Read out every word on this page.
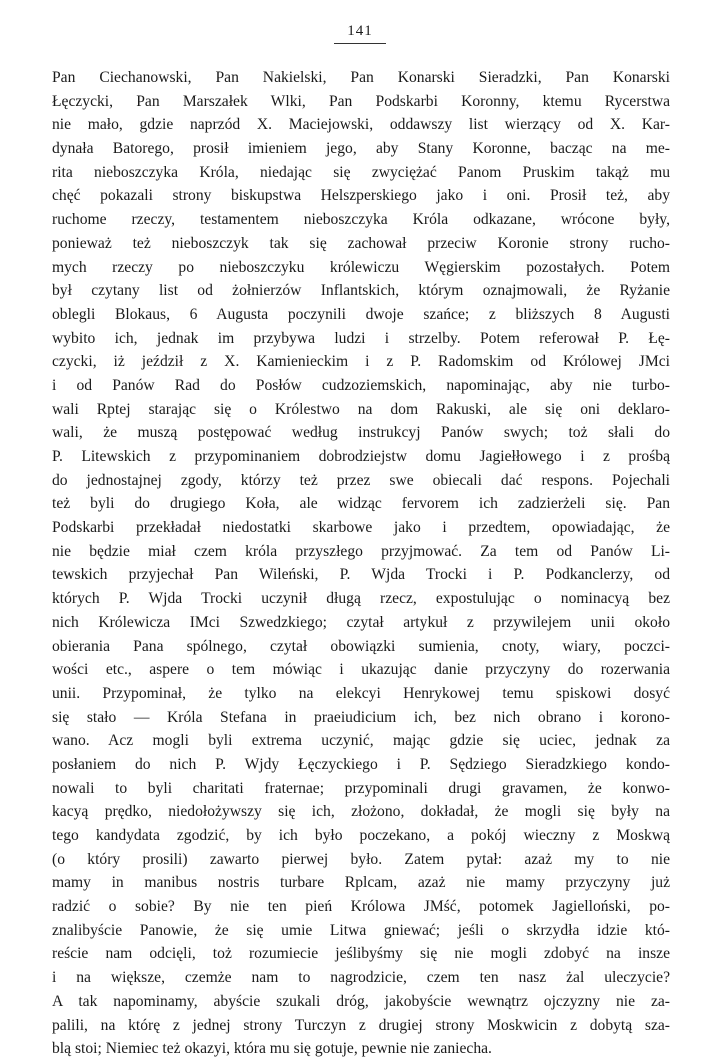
141
Pan Ciechanowski, Pan Nakielski, Pan Konarski Sieradzki, Pan Konarski
Łęczycki, Pan Marszałek Wlki, Pan Podskarbi Koronny, ktemu Rycerstwa
nie mało, gdzie naprzód X. Maciejowski, oddawszy list wierzący od X. Kar-
dynała Batorego, prosił imieniem jego, aby Stany Koronne, bacząc na me-
rita nieboszczyka Króla, niedając się zwyciężać Panom Pruskim takąż mu
chęć pokazali strony biskupstwa Helszperskiego jako i oni. Prosił też, aby
ruchome rzeczy, testamentem nieboszczyka Króla odkazane, wrócone były,
ponieważ też nieboszczyk tak się zachował przeciw Koronie strony rucho-
mych rzeczy po nieboszczyku królewiczu Węgierskim pozostałych. Potem
był czytany list od żołnierzów Inflantskich, którym oznajmowali, że Ryżanie
oblegli Blokaus, 6 Augusta poczynili dwoje szańce; z bliższych 8 Augusti
wybito ich, jednak im przybywa ludzi i strzelby. Potem referował P. Łę-
czycki, iż jeździł z X. Kamienieckim i z P. Radomskim od Królowej JMci
i od Panów Rad do Posłów cudzoziemskich, napominając, aby nie turbo-
wali Rptej starając się o Królestwo na dom Rakuski, ale się oni deklaro-
wali, że muszą postępować według instrukcyj Panów swych; toż słali do
P. Litewskich z przypominaniem dobrodziejstw domu Jagiełłowego i z prośbą
do jednostajnej zgody, którzy też przez swe obiecali dać respons. Pojechali
też byli do drugiego Koła, ale widząc fervorem ich zadzierżeli się. Pan
Podskarbi przekładał niedostatki skarbowe jako i przedtem, opowiadając, że
nie będzie miał czem króla przyszłego przyjmować. Za tem od Panów Li-
tewskich przyjechał Pan Wileński, P. Wjda Trocki i P. Podkanclerzy, od
których P. Wjda Trocki uczynił długą rzecz, expostulując o nominacyą bez
nich Królewicza IMci Szwedzkiego; czytał artykuł z przywilejem unii około
obierania Pana spólnego, czytał obowiązki sumienia, cnoty, wiary, poczci-
wości etc., aspere o tem mówiąc i ukazując danie przyczyny do rozerwania
unii. Przypominał, że tylko na elekcyi Henrykowej temu spiskowi dosyć
się stało — Króla Stefana in praeiudicium ich, bez nich obrano i korono-
wano. Acz mogli byli extrema uczynić, mając gdzie się uciec, jednak za
posłaniem do nich P. Wjdy Łęczyckiego i P. Sędziego Sieradzkiego kondo-
nowali to byli charitati fraternae; przypominali drugi gravamen, że konwo-
kacyą prędko, niedołożywszy się ich, złożono, dokładał, że mogli się były na
tego kandydata zgodzić, by ich było poczekano, a pokój wieczny z Moskwą
(o który prosili) zawarto pierwej było. Zatem pytał: azaż my to nie
mamy in manibus nostris turbare Rplcam, azaż nie mamy przyczyny już
radzić o sobie? By nie ten pień Królowa JMść, potomek Jagielloński, po-
znalibyście Panowie, że się umie Litwa gniewać; jeśli o skrzydła idzie któ-
reście nam odcięli, toż rozumiecie jeślibyśmy się nie mogli zdobyć na insze
i na większe, czemże nam to nagrodzicie, czem ten nasz żal uleczycie?
A tak napominamy, abyście szukali dróg, jakobyście wewnątrz ojczyzny nie za-
palili, na którę z jednej strony Turczyn z drugiej strony Moskwicin z dobytą sza-
blą stoi; Niemiec też okazyi, która mu się gotuje, pewnie nie zaniecha.
